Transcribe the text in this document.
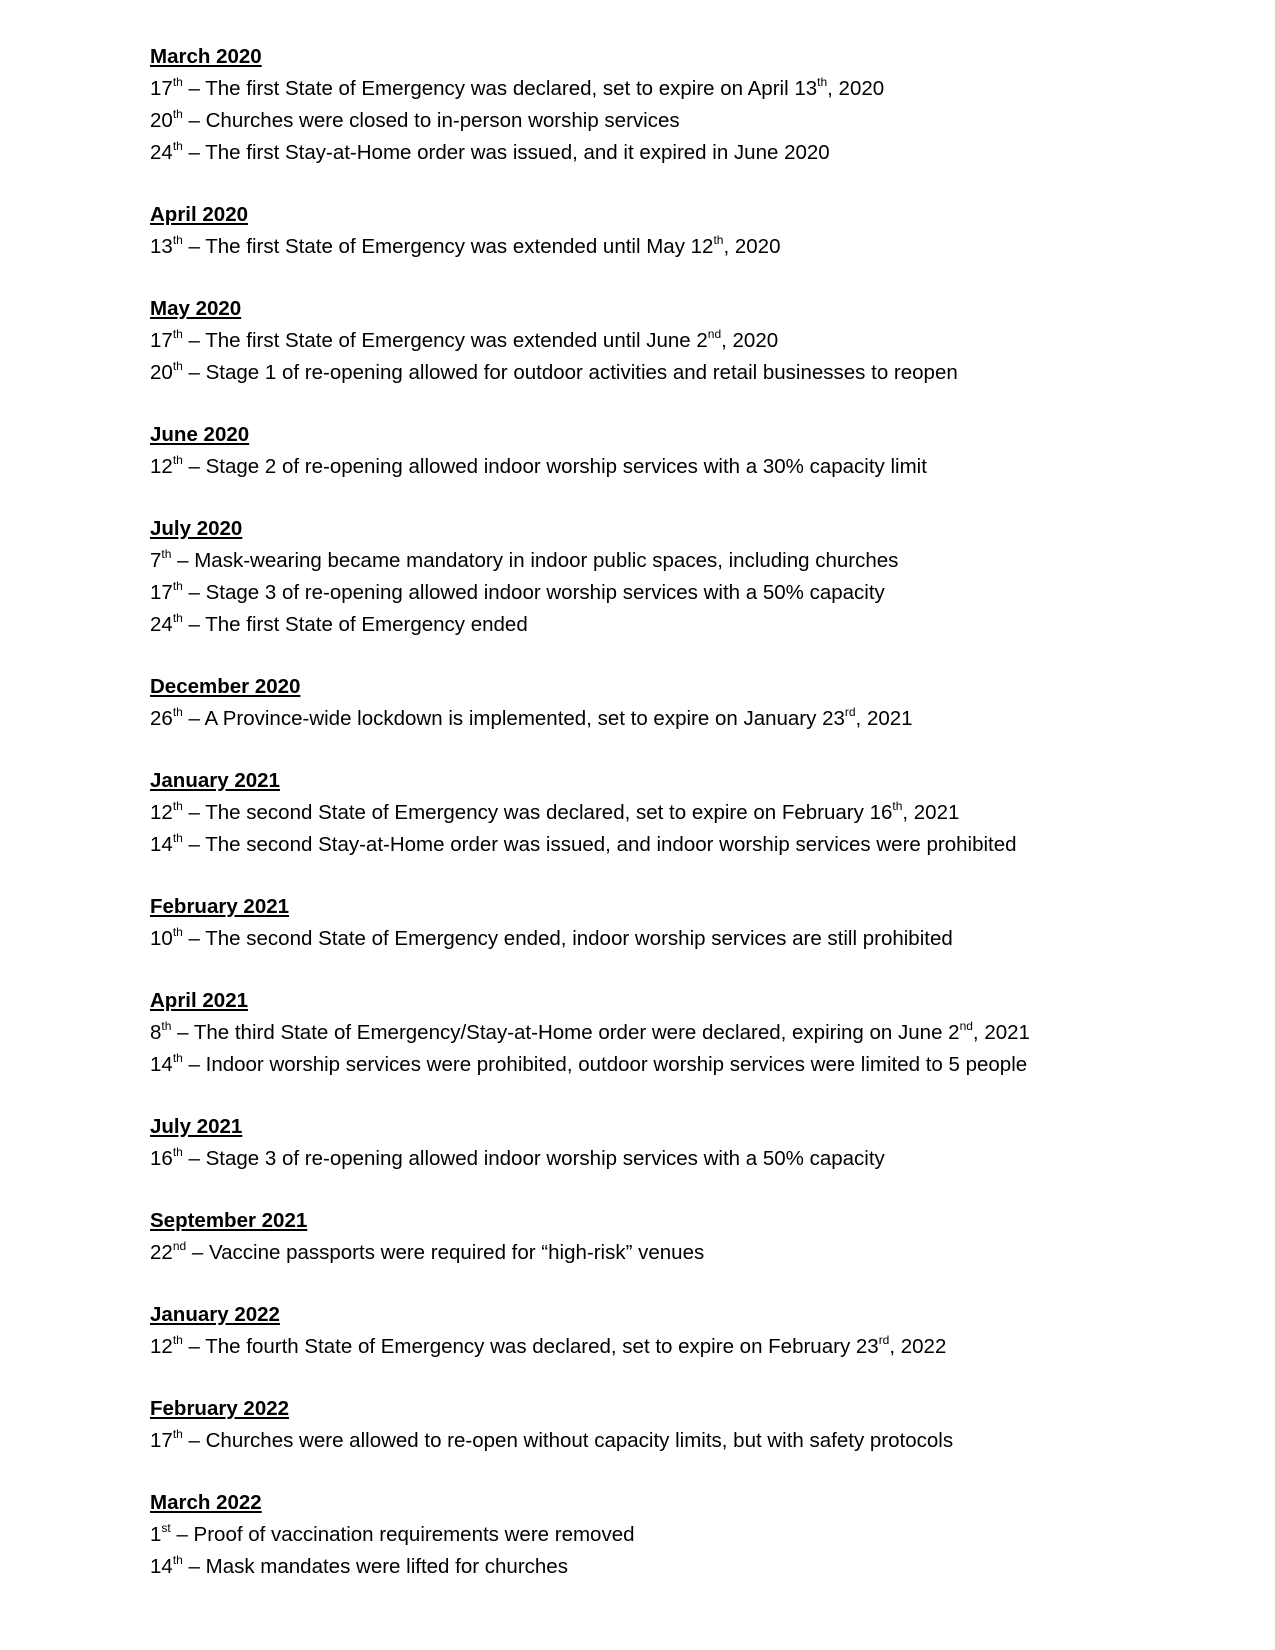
March 2020
17th – The first State of Emergency was declared, set to expire on April 13th, 2020
20th – Churches were closed to in-person worship services
24th – The first Stay-at-Home order was issued, and it expired in June 2020
April 2020
13th – The first State of Emergency was extended until May 12th, 2020
May 2020
17th – The first State of Emergency was extended until June 2nd, 2020
20th – Stage 1 of re-opening allowed for outdoor activities and retail businesses to reopen
June 2020
12th – Stage 2 of re-opening allowed indoor worship services with a 30% capacity limit
July 2020
7th – Mask-wearing became mandatory in indoor public spaces, including churches
17th – Stage 3 of re-opening allowed indoor worship services with a 50% capacity
24th – The first State of Emergency ended
December 2020
26th – A Province-wide lockdown is implemented, set to expire on January 23rd, 2021
January 2021
12th – The second State of Emergency was declared, set to expire on February 16th, 2021
14th – The second Stay-at-Home order was issued, and indoor worship services were prohibited
February 2021
10th – The second State of Emergency ended, indoor worship services are still prohibited
April 2021
8th – The third State of Emergency/Stay-at-Home order were declared, expiring on June 2nd, 2021
14th – Indoor worship services were prohibited, outdoor worship services were limited to 5 people
July 2021
16th – Stage 3 of re-opening allowed indoor worship services with a 50% capacity
September 2021
22nd – Vaccine passports were required for “high-risk” venues
January 2022
12th – The fourth State of Emergency was declared, set to expire on February 23rd, 2022
February 2022
17th – Churches were allowed to re-open without capacity limits, but with safety protocols
March 2022
1st – Proof of vaccination requirements were removed
14th – Mask mandates were lifted for churches
